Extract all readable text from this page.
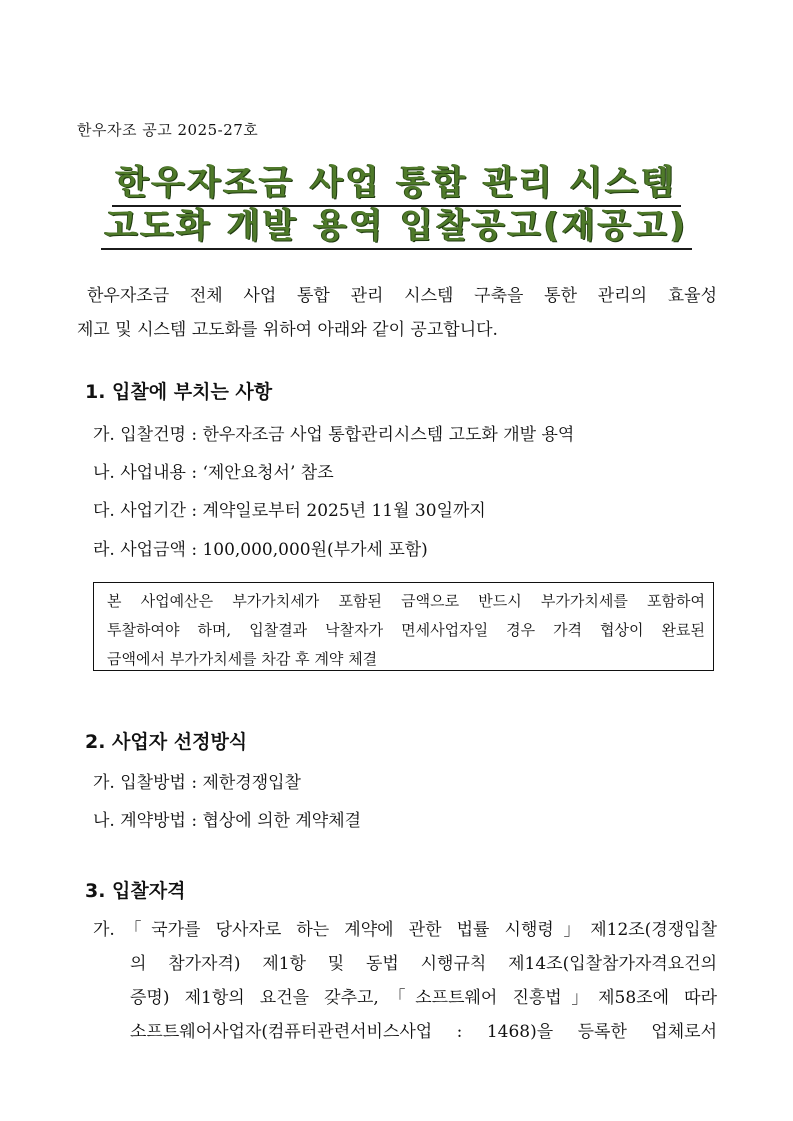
한우자조 공고 2025-27호
한우자조금 사업 통합 관리 시스템
고도화 개발 용역 입찰공고(재공고)
한우자조금 전체 사업 통합 관리 시스템 구축을 통한 관리의 효율성
제고 및 시스템 고도화를 위하여 아래와 같이 공고합니다.
1. 입찰에 부치는 사항
가. 입찰건명 : 한우자조금 사업 통합관리시스템 고도화 개발 용역
나. 사업내용 : ‘제안요청서’ 참조
다. 사업기간 : 계약일로부터 2025년 11월 30일까지
라. 사업금액 : 100,000,000원(부가세 포함)
본 사업예산은 부가가치세가 포함된 금액으로 반드시 부가가치세를 포함하여
투찰하여야 하며, 입찰결과 낙찰자가 면세사업자일 경우 가격 협상이 완료된
금액에서 부가가치세를 차감 후 계약 체결
2. 사업자 선정방식
가. 입찰방법 : 제한경쟁입찰
나. 계약방법 : 협상에 의한 계약체결
3. 입찰자격
가.「국가를 당사자로 하는 계약에 관한 법률 시행령」제12조(경쟁입찰
의 참가자격) 제1항 및 동법 시행규칙 제14조(입찰참가자격요건의
증명) 제1항의 요건을 갖추고,「소프트웨어 진흥법」제58조에 따라
소프트웨어사업자(컴퓨터관련서비스사업 : 1468)을 등록한 업체로서
